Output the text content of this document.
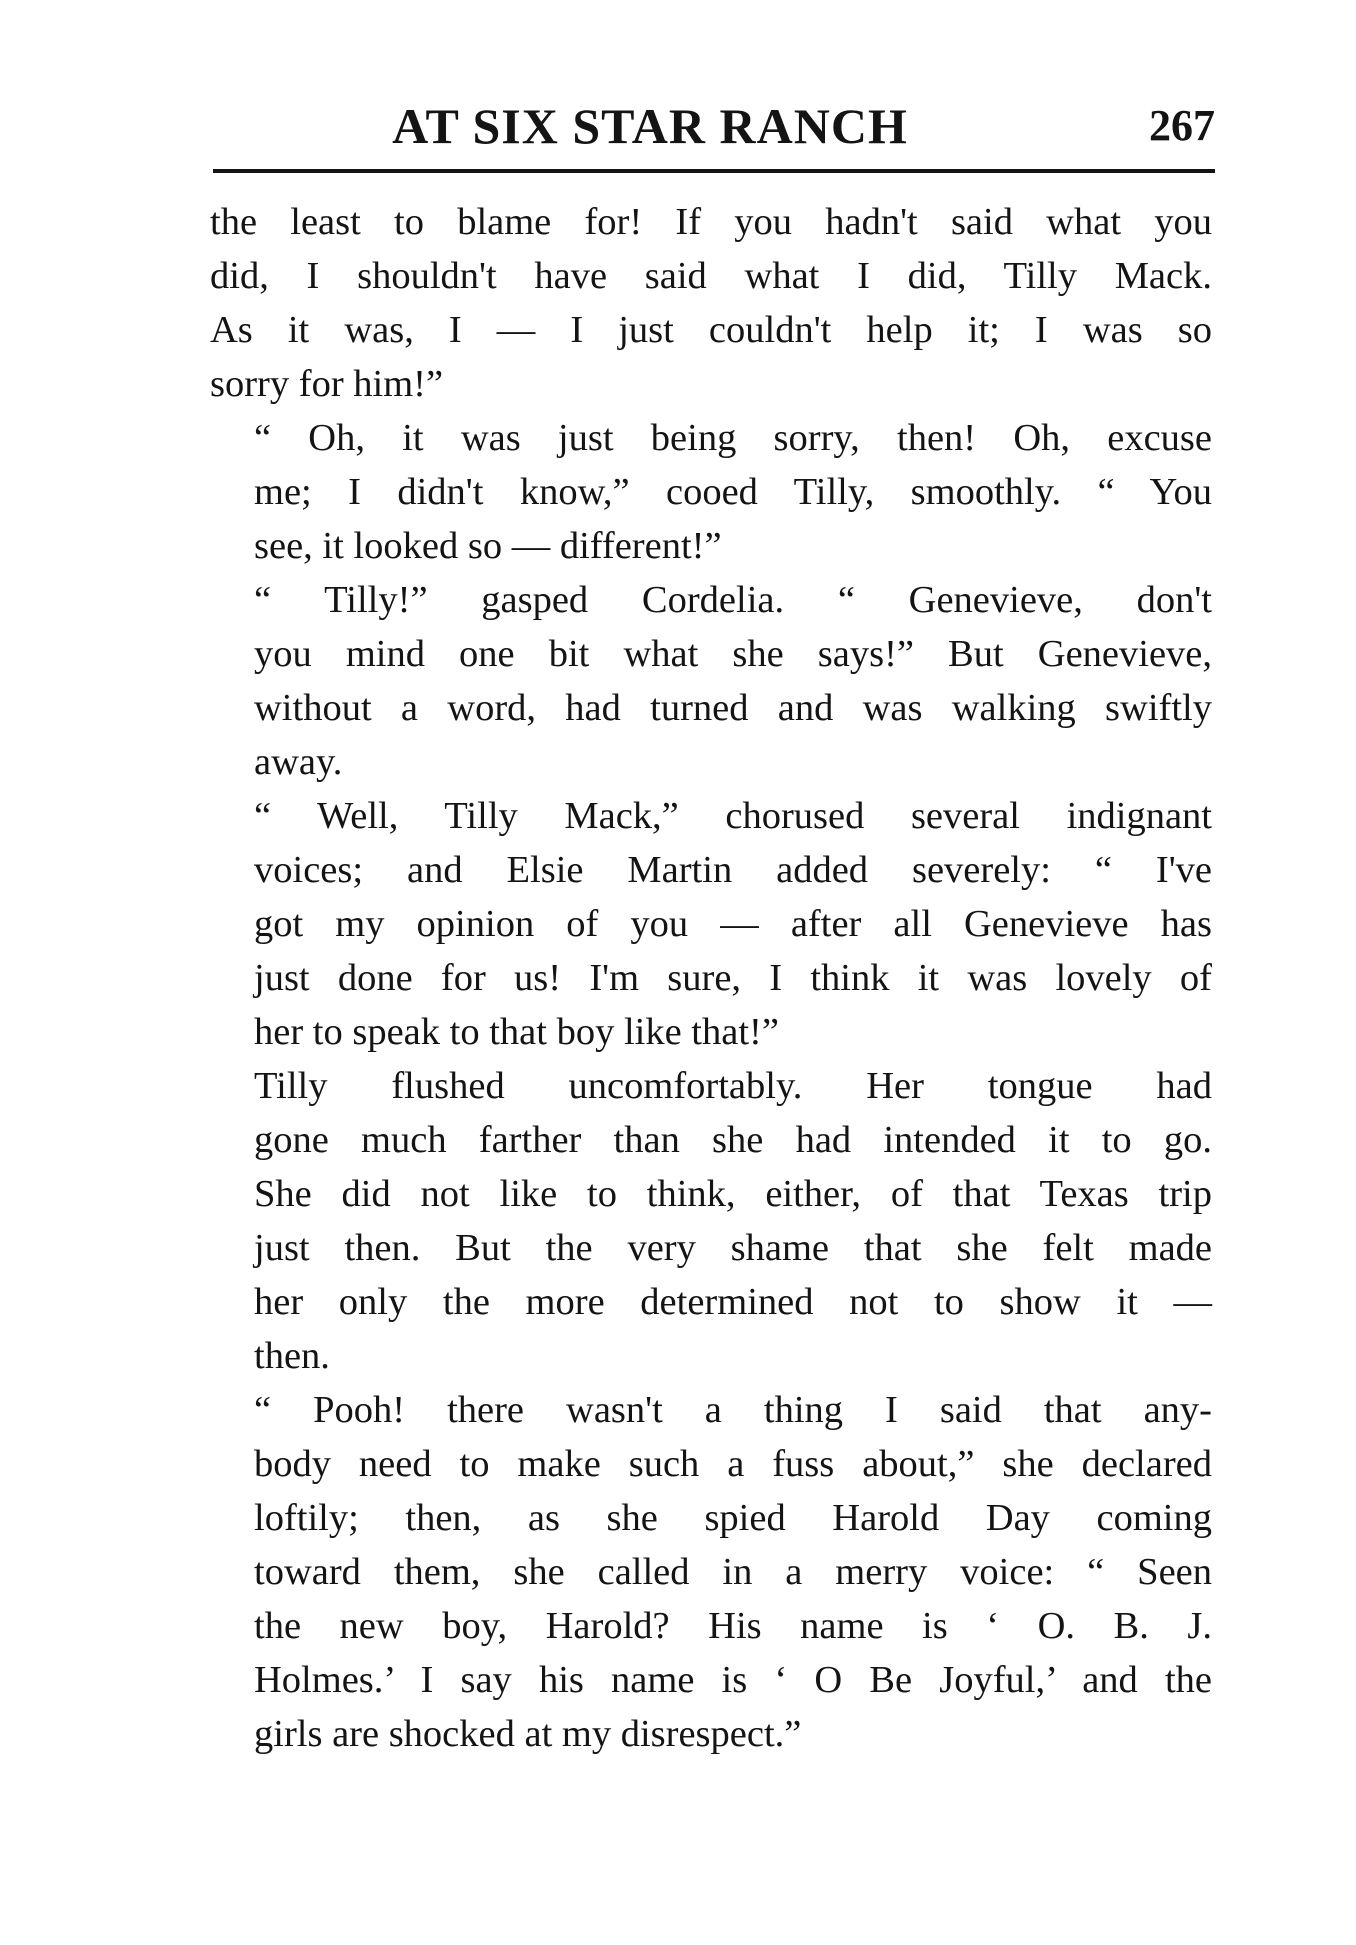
AT SIX STAR RANCH	267

the least to blame for! If you hadn't said what you
did, I shouldn't have said what I did, Tilly Mack.
As it was, I — I just couldn't help it; I was so
sorry for him!”

“ Oh, it was just being sorry, then! Oh, excuse
me; I didn't know,” cooed Tilly, smoothly. “ You
see, it looked so — different!”

“ Tilly!” gasped Cordelia. “ Genevieve, don't
you mind one bit what she says!” But Genevieve,
without a word, had turned and was walking swiftly
away.

“ Well, Tilly Mack,” chorused several indignant
voices; and Elsie Martin added severely: “ I've
got my opinion of you — after all Genevieve has
just done for us! I'm sure, I think it was lovely of
her to speak to that boy like that!”

Tilly flushed uncomfortably. Her tongue had
gone much farther than she had intended it to go.
She did not like to think, either, of that Texas trip
just then. But the very shame that she felt made
her only the more determined not to show it —
then.

“ Pooh! there wasn't a thing I said that any-
body need to make such a fuss about,” she declared
loftily; then, as she spied Harold Day coming
toward them, she called in a merry voice: “ Seen
the new boy, Harold? His name is ‘ O. B. J.
Holmes.’ I say his name is ‘ O Be Joyful,’ and the
girls are shocked at my disrespect.”
